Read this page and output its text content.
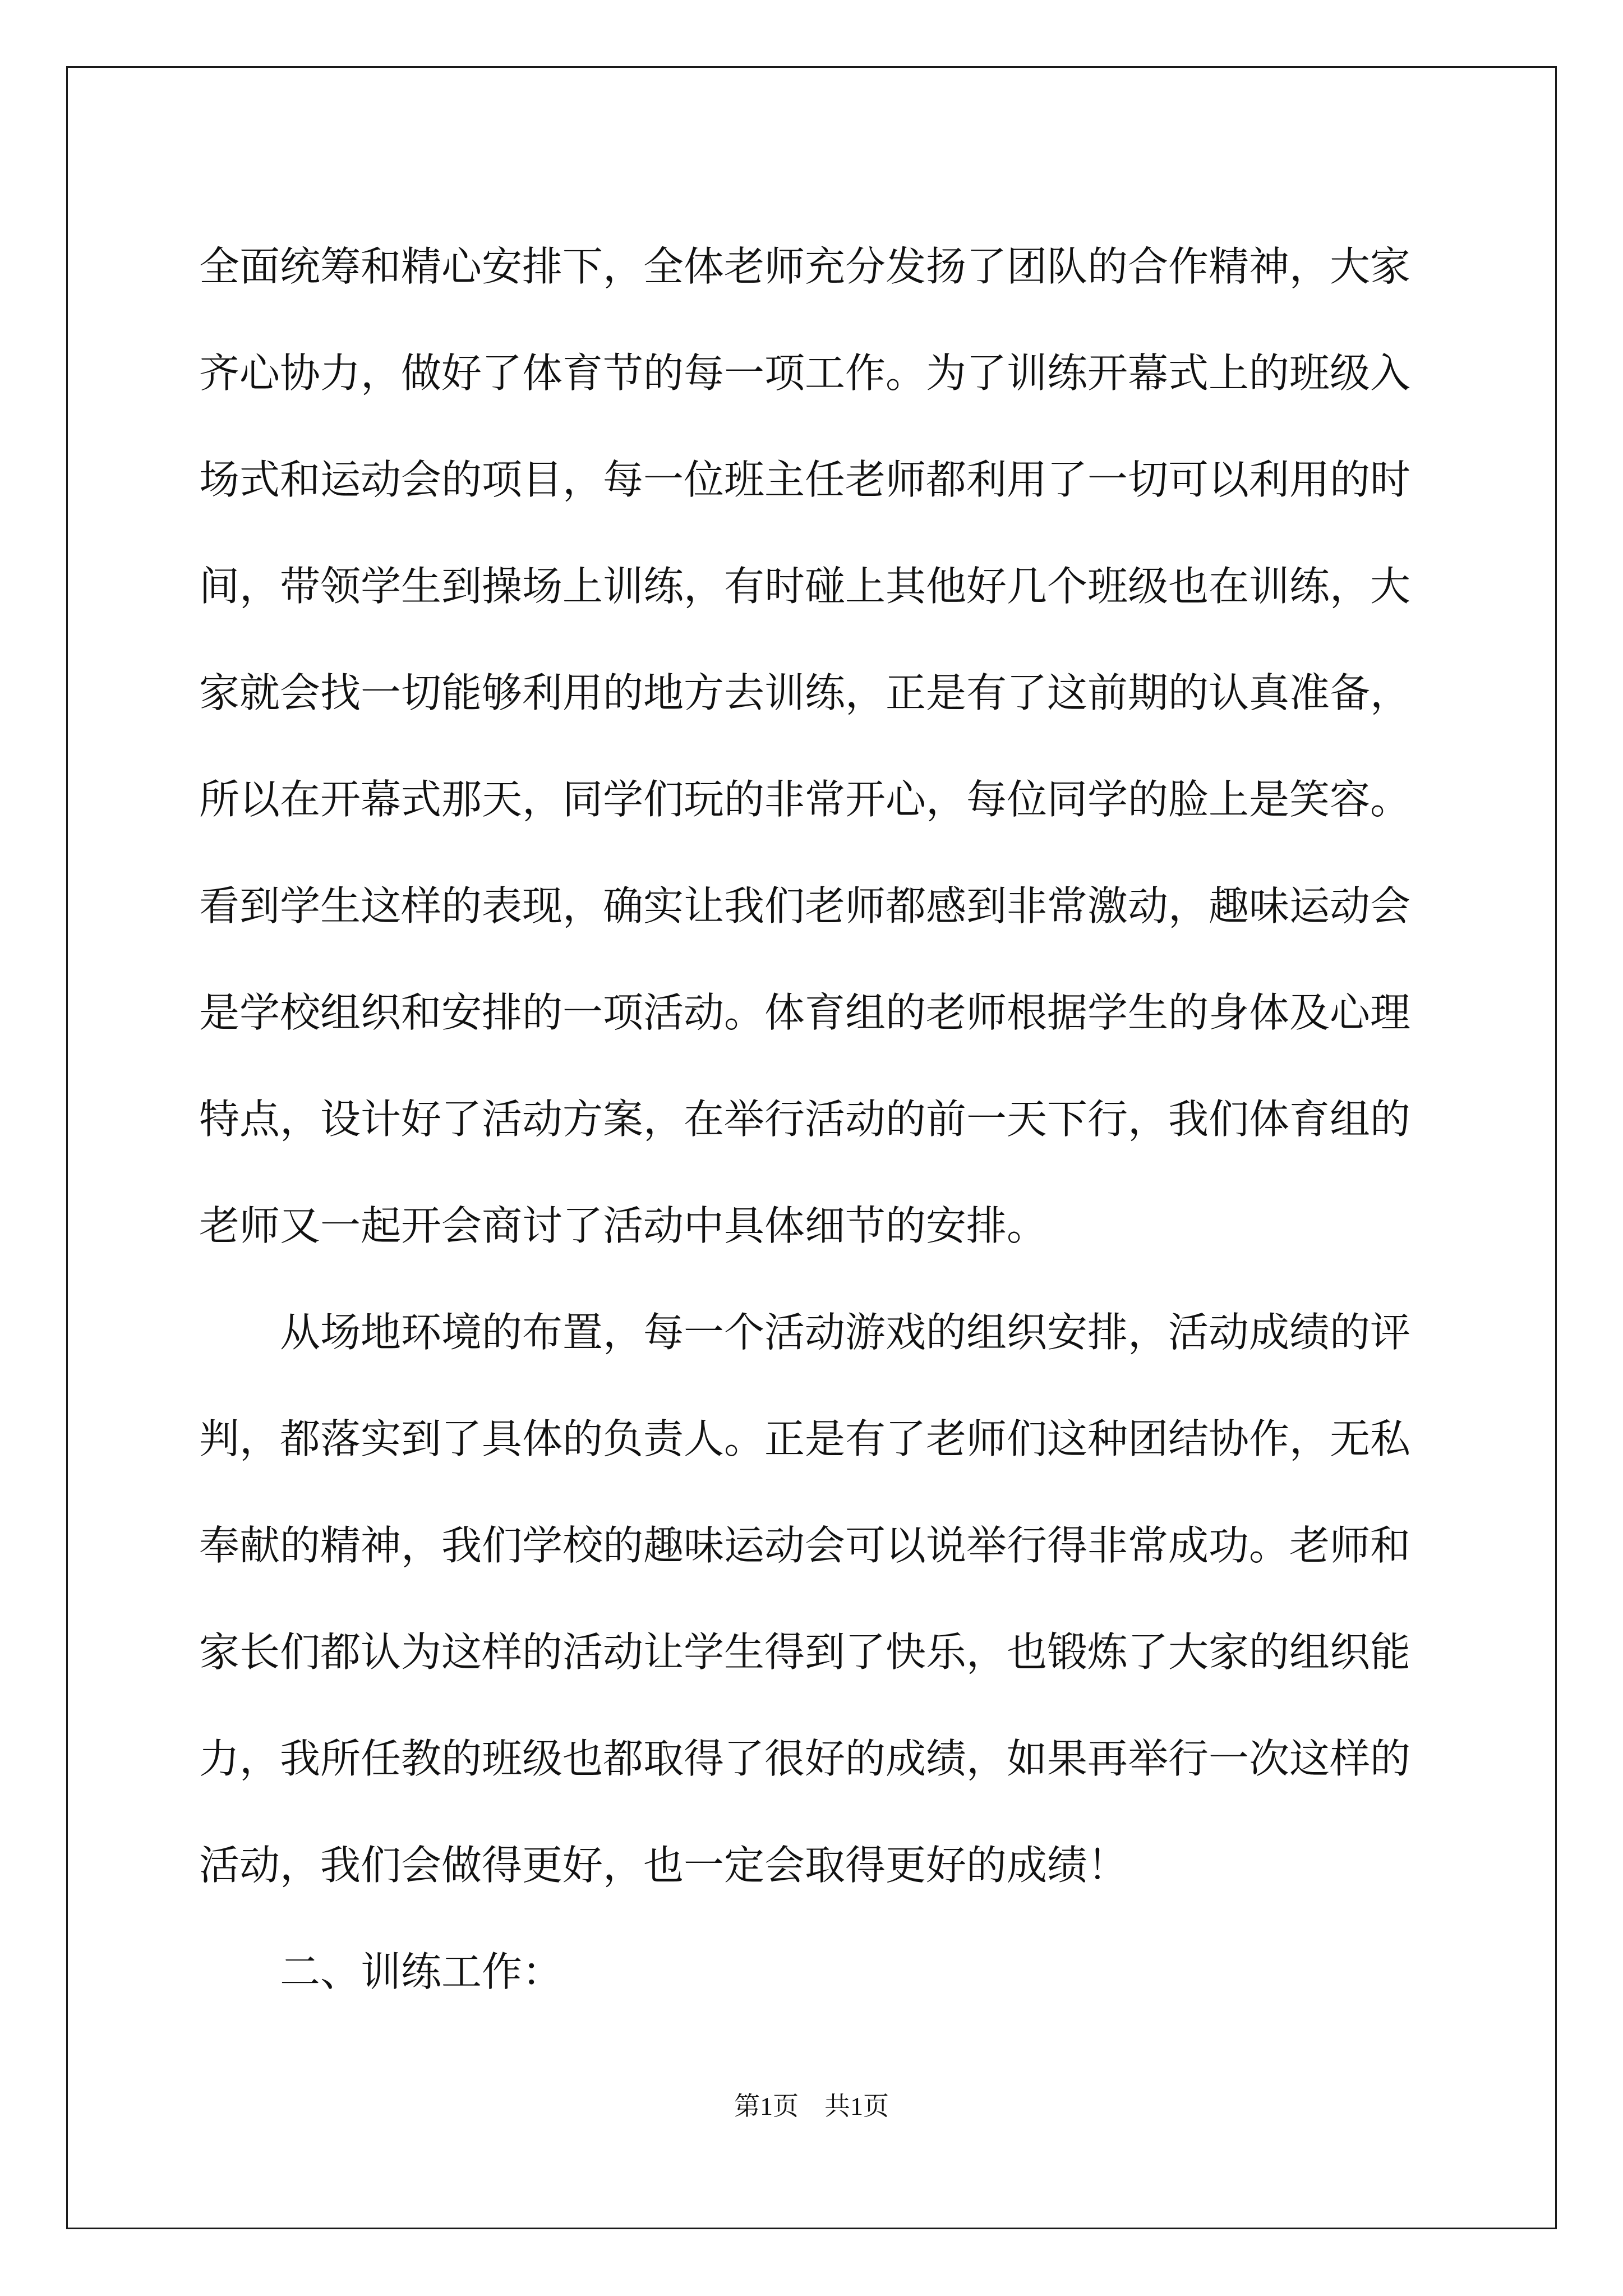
全面统筹和精心安排下，全体老师充分发扬了团队的合作精神，大家
齐心协力，做好了体育节的每一项工作。为了训练开幕式上的班级入
场式和运动会的项目，每一位班主任老师都利用了一切可以利用的时
间，带领学生到操场上训练，有时碰上其他好几个班级也在训练，大
家就会找一切能够利用的地方去训练，正是有了这前期的认真准备，
所以在开幕式那天，同学们玩的非常开心，每位同学的脸上是笑容。
看到学生这样的表现，确实让我们老师都感到非常激动，趣味运动会
是学校组织和安排的一项活动。体育组的老师根据学生的身体及心理
特点，设计好了活动方案，在举行活动的前一天下行，我们体育组的
老师又一起开会商讨了活动中具体细节的安排。
从场地环境的布置，每一个活动游戏的组织安排，活动成绩的评
判，都落实到了具体的负责人。正是有了老师们这种团结协作，无私
奉献的精神，我们学校的趣味运动会可以说举行得非常成功。老师和
家长们都认为这样的活动让学生得到了快乐，也锻炼了大家的组织能
力，我所任教的班级也都取得了很好的成绩，如果再举行一次这样的
活动，我们会做得更好，也一定会取得更好的成绩！
二、训练工作：
第1页 共1页
